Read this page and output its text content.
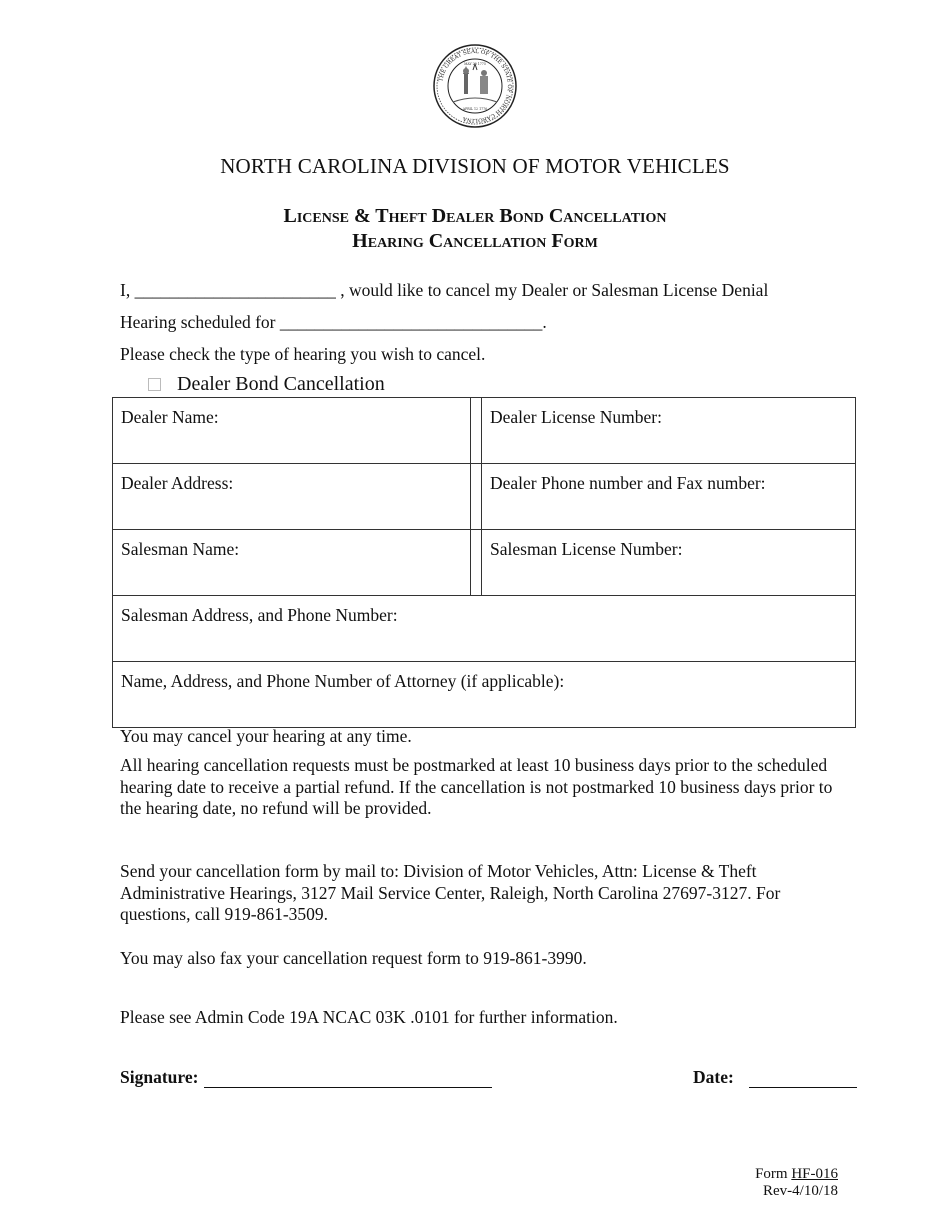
MAY 20 1775
APRIL 12 1776
THE GREAT SEAL OF THE STATE OF NORTH CAROLINA
NORTH CAROLINA DIVISION OF MOTOR VEHICLES
License & Theft Dealer Bond Cancellation
Hearing Cancellation Form
I, _______________________ , would like to cancel my Dealer or Salesman License Denial
Hearing scheduled for ______________________________.
Please check the type of hearing you wish to cancel.
Dealer Bond Cancellation
Dealer Name:		Dealer License Number:
Dealer Address:		Dealer Phone number and Fax number:
Salesman Name:		Salesman License Number:
Salesman Address, and Phone Number:		
Name, Address, and Phone Number of Attorney (if applicable):		
You may cancel your hearing at any time.
All hearing cancellation requests must be postmarked at least 10 business days prior to the scheduled hearing date to receive a partial refund. If the cancellation is not postmarked 10 business days prior to the hearing date, no refund will be provided.
Send your cancellation form by mail to: Division of Motor Vehicles, Attn: License & Theft Administrative Hearings, 3127 Mail Service Center, Raleigh, North Carolina 27697-3127. For questions, call 919-861-3509.
You may also fax your cancellation request form to 919-861-3990.
Please see Admin Code 19A NCAC 03K .0101 for further information.
Signature:	Date:
Form HF-016
Rev-4/10/18
